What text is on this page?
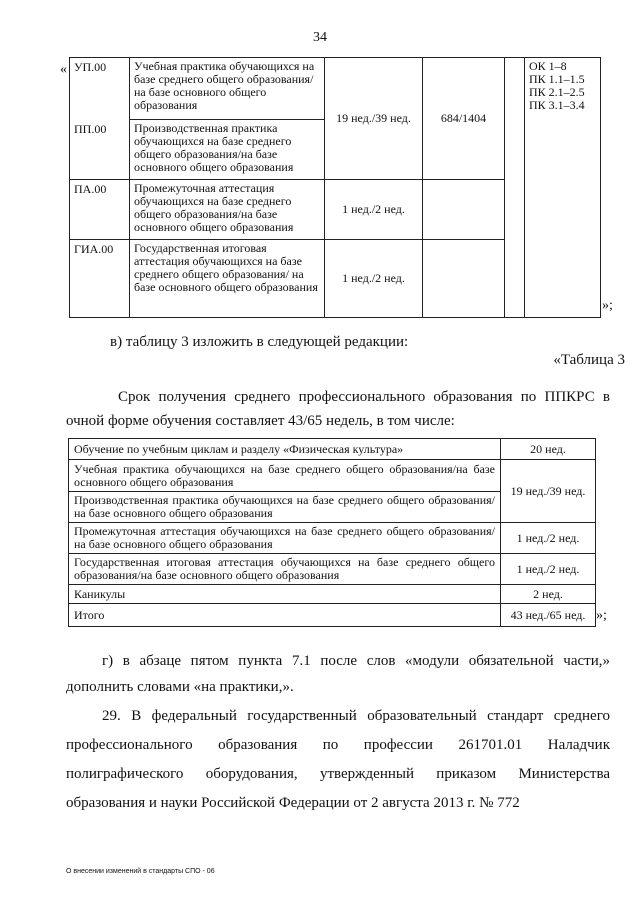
34
« УП.00	Учебная практика обучающихся на базе среднего общего образования/на базе основного общего образования	19 нед./39 нед.	684/1404		ОК 1–8
ПК 1.1–1.5
ПК 2.1–2.5
ПК 3.1–3.4

ПП.00	Производственная практика обучающихся на базе среднего общего образования/на базе основного общего образования				
ПА.00	Промежуточная аттестация обучающихся на базе среднего общего образования/на базе основного общего образования	1 нед./2 нед.			
ГИА.00	Государственная итоговая аттестация обучающихся на базе среднего общего образования/ на базе основного общего образования	1 нед./2 нед.			
»;
в) таблицу 3 изложить в следующей редакции:
«Таблица 3
Срок получения среднего профессионального образования по ППКРС в очной форме обучения составляет 43/65 недель, в том числе:
Обучение по учебным циклам и разделу «Физическая культура»	20 нед.
Учебная практика обучающихся на базе среднего общего образования/на базе основного общего образования	19 нед./39 нед.
Производственная практика обучающихся на базе среднего общего образования/на базе основного общего образования	
Промежуточная аттестация обучающихся на базе среднего общего образования/на базе основного общего образования	1 нед./2 нед.
Государственная итоговая аттестация обучающихся на базе среднего общего образования/на базе основного общего образования	1 нед./2 нед.
Каникулы	2 нед.
Итого	43 нед./65 нед. »;
г) в абзаце пятом пункта 7.1 после слов «модули обязательной части,» дополнить словами «на практики,».
29. В федеральный государственный образовательный стандарт среднего профессионального образования по профессии 261701.01 Наладчик полиграфического оборудования, утвержденный приказом Министерства образования и науки Российской Федерации от 2 августа 2013 г. № 772
О внесении изменений в стандарты СПО - 06
